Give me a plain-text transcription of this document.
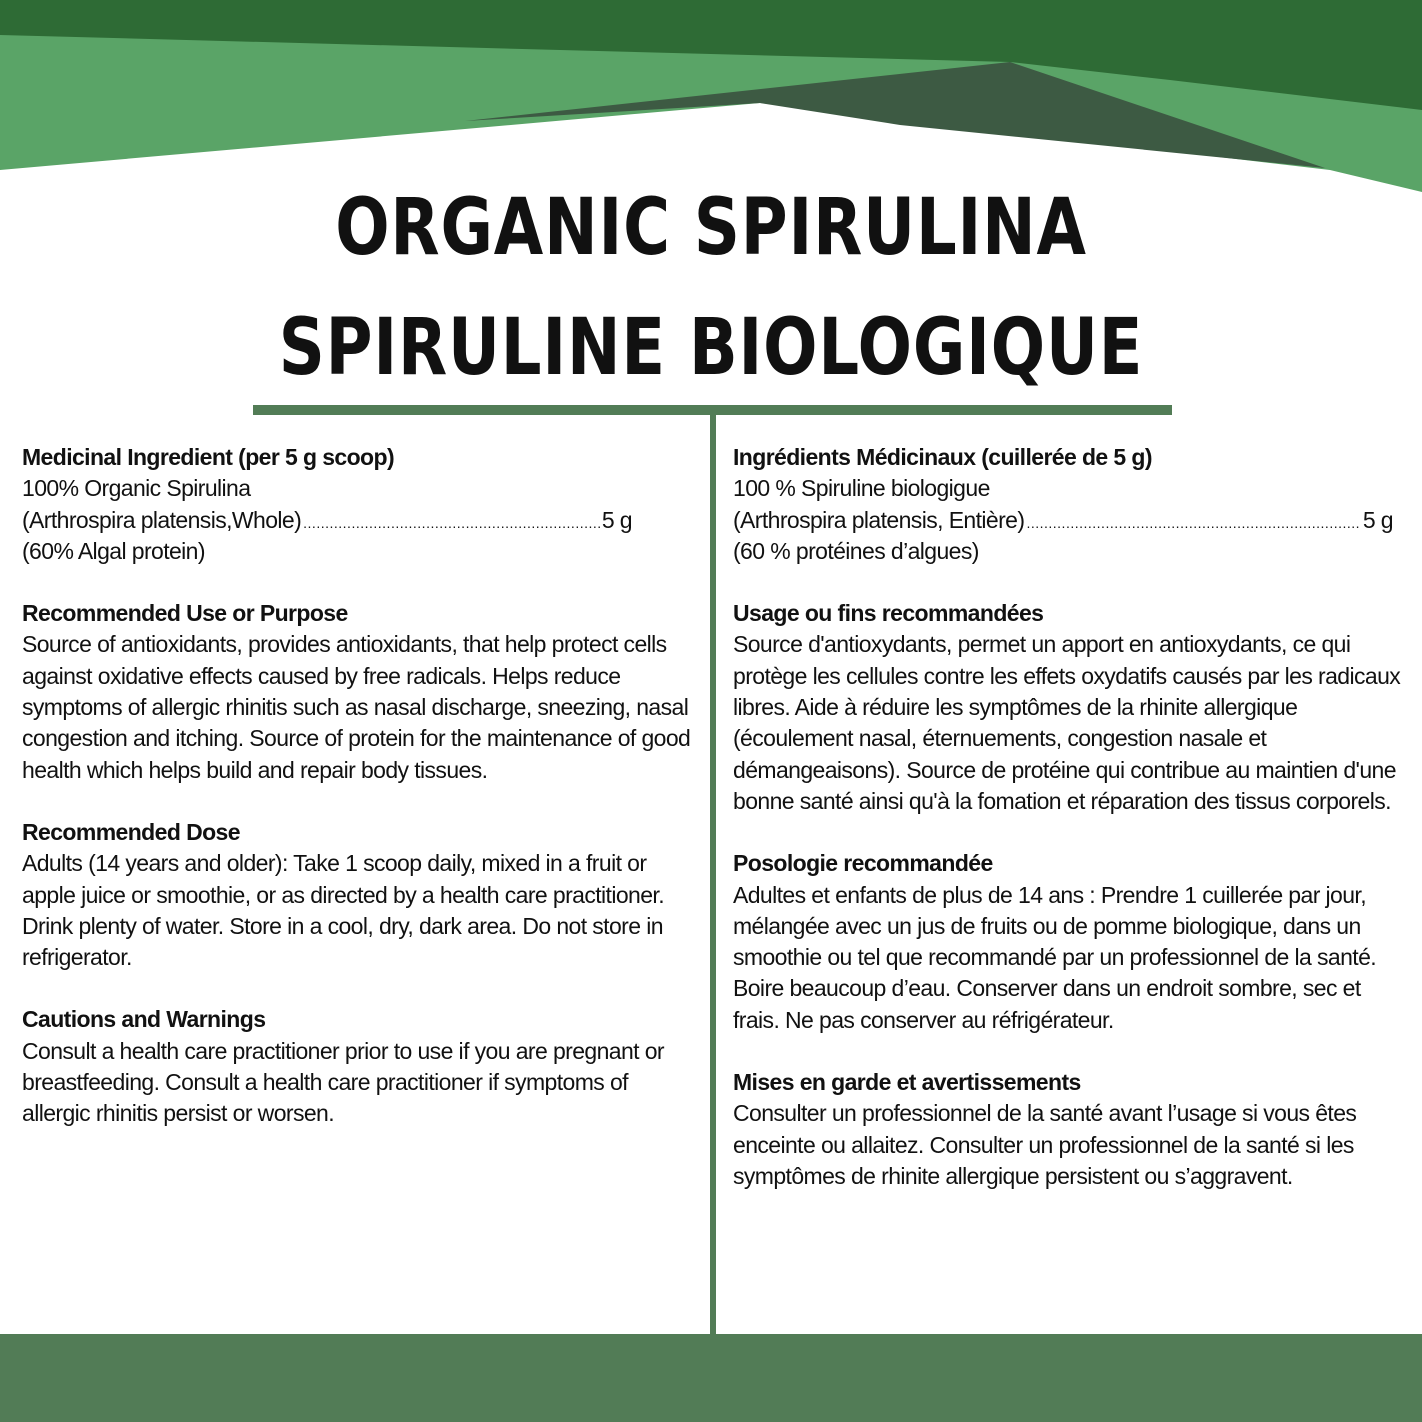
ORGANIC SPIRULINA
SPIRULINE BIOLOGIQUE
Medicinal Ingredient (per 5 g scoop)
100% Organic Spirulina
(Arthrospira platensis,Whole) .....	5 g
(60% Algal protein)
Recommended Use or Purpose
Source of antioxidants, provides antioxidants, that help protect cells against oxidative effects caused by free radicals. Helps reduce symptoms of allergic rhinitis such as nasal discharge, sneezing, nasal congestion and itching. Source of protein for the maintenance of good health which helps build and repair body tissues.
Recommended Dose
Adults (14 years and older): Take 1 scoop daily, mixed in a fruit or apple juice or smoothie, or as directed by a health care practitioner. Drink plenty of water. Store in a cool, dry, dark area. Do not store in refrigerator.
Cautions and Warnings
Consult a health care practitioner prior to use if you are pregnant or breastfeeding. Consult a health care practitioner if symptoms of allergic rhinitis persist or worsen.
Ingrédients Médicinaux (cuillerée de 5 g)
100 % Spiruline biologigue
(Arthrospira platensis, Entière) .....	5 g
(60 % protéines d’algues)
Usage ou fins recommandées
Source d'antioxydants, permet un apport en antioxydants, ce qui protège les cellules contre les effets oxydatifs causés par les radicaux libres. Aide à réduire les symptômes de la rhinite allergique (écoulement nasal, éternuements, congestion nasale et démangeaisons). Source de protéine qui contribue au maintien d'une bonne santé ainsi qu'à la fomation et réparation des tissus corporels.
Posologie recommandée
Adultes et enfants de plus de 14 ans : Prendre 1 cuillerée par jour, mélangée avec un jus de fruits ou de pomme biologique, dans un smoothie ou tel que recommandé par un professionnel de la santé. Boire beaucoup d’eau. Conserver dans un endroit sombre, sec et frais. Ne pas conserver au réfrigérateur.
Mises en garde et avertissements
Consulter un professionnel de la santé avant l’usage si vous êtes enceinte ou allaitez. Consulter un professionnel de la santé si les symptômes de rhinite allergique persistent ou s’aggravent.
